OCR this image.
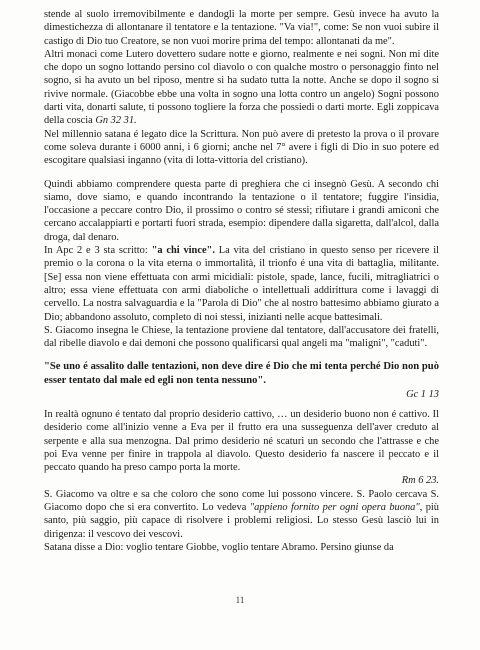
stende al suolo irremovibilmente e dandogli la morte per sempre. Gesù invece ha avuto la dimestichezza di allontanare il tentatore e la tentazione. "Va via!", come: Se non vuoi subire il castigo di Dio tuo Creatore, se non vuoi morire prima del tempo: allontanati da me".

Altri monaci come Lutero dovettero sudare notte e giorno, realmente e nei sogni. Non mi dite che dopo un sogno lottando persino col diavolo o con qualche mostro o personaggio finto nel sogno, si ha avuto un bel riposo, mentre si ha sudato tutta la notte. Anche se dopo il sogno si rivive normale. (Giacobbe ebbe una volta in sogno una lotta contro un angelo) Sogni possono darti vita, donarti salute, ti possono togliere la forza che possiedi o darti morte. Egli zoppicava della coscia Gn 32 31.

Nel millennio satana é legato dice la Scrittura. Non può avere di pretesto la prova o il provare come soleva durante i 6000 anni, i 6 giorni; anche nel 7° avere i figli di Dio in suo potere ed escogitare qualsiasi inganno (vita di lotta-vittoria del cristiano).

Quindi abbiamo comprendere questa parte di preghiera che ci insegnò Gesù. A secondo chi siamo, dove siamo, e quando incontrando la tentazione o il tentatore; fuggire l'insidia, l'occasione a peccare contro Dio, il prossimo o contro sé stessi; rifiutare i grandi amiconi che cercano accalappiarti e portarti fuori strada, esempio: dipendere dalla sigaretta, dall'alcol, dalla droga, dal denaro.

In Apc 2 e 3 sta scritto: "a chi vince". La vita del cristiano in questo senso per ricevere il premio o la corona o la vita eterna o immortalità, il trionfo é una vita di battaglia, militante. [Se] essa non viene effettuata con armi micidiali: pistole, spade, lance, fucili, mitragliatrici o altro; essa viene effettuata con armi diaboliche o intellettuali addirittura come i lavaggi di cervello. La nostra salvaguardia e la "Parola di Dio" che al nostro battesimo abbiamo giurato a Dio; abbandono assoluto, completo di noi stessi, inizianti nelle acque battesimali.

S. Giacomo insegna le Chiese, la tentazione proviene dal tentatore, dall'accusatore dei fratelli, dal ribelle diavolo e dai demoni che possono qualificarsi qual angeli ma "maligni", "caduti".

"Se uno é assalito dalle tentazioni, non deve dire é Dio che mi tenta perché Dio non può esser tentato dal male ed egli non tenta nessuno".

Gc 1 13

In realtà ognuno é tentato dal proprio desiderio cattivo, … un desiderio buono non é cattivo. Il desiderio come all'inizio venne a Eva per il frutto era una susseguenza dell'aver creduto al serpente e alla sua menzogna. Dal primo desiderio né scaturi un secondo che l'attrasse e che poi Eva venne per finire in trappola al diavolo. Questo desiderio fa nascere il peccato e il peccato quando ha preso campo porta la morte.

Rm 6 23.

S. Giacomo va oltre e sa che coloro che sono come lui possono vincere. S. Paolo cercava S. Giacomo dopo che si era convertito. Lo vedeva "appieno fornito per ogni opera buona", più santo, più saggio, più capace di risolvere i problemi religiosi. Lo stesso Gesù lasciò lui in dirigenza: il vescovo dei vescovi.

Satana disse a Dio: voglio tentare Giobbe, voglio tentare Abramo. Persino giunse da

11
